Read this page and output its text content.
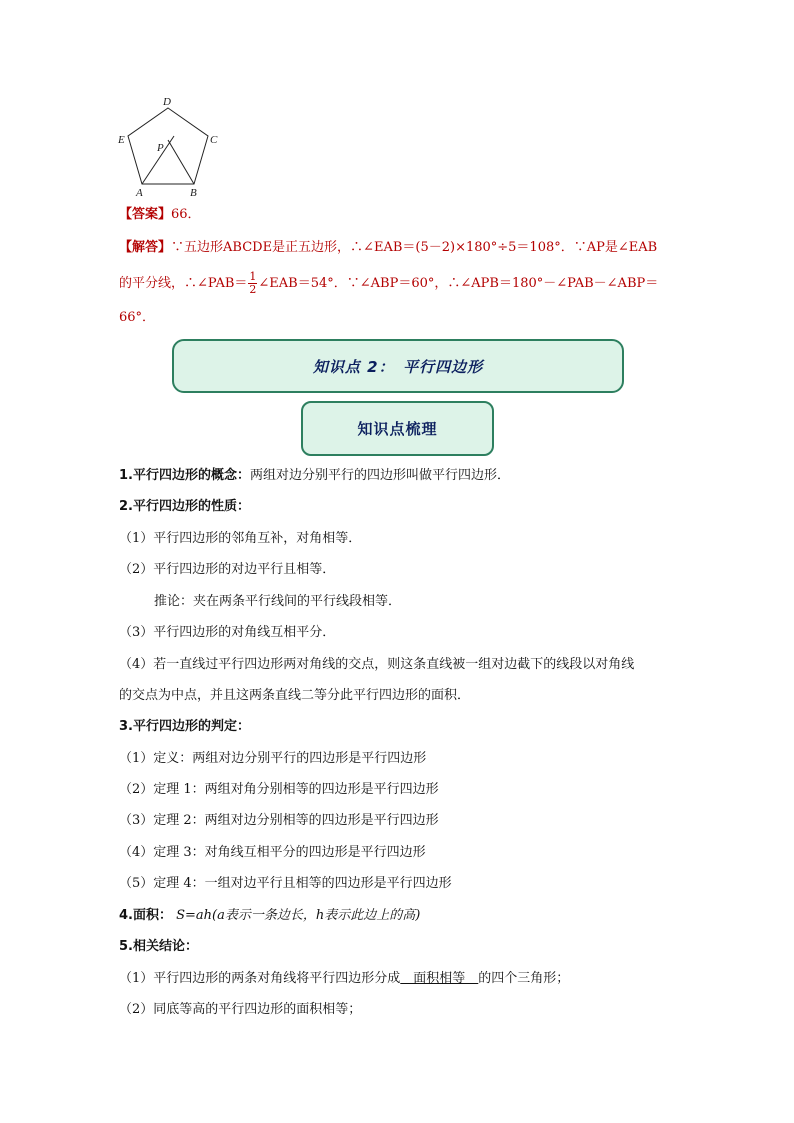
D
C
E
P
A	B
【答案】66．
【解答】∵五边形ABCDE是正五边形，∴∠EAB＝(5－2)×180°÷5＝108°．∵AP是∠EAB
的平分线，∴∠PAB＝ $\frac{1}{2}$ ∠EAB＝54°．∵∠ABP＝60°，∴∠APB＝180°－∠PAB－∠ABP＝
66°．
知识点 2：　平行四边形
知识点梳理
1.平行四边形的概念：两组对边分别平行的四边形叫做平行四边形．
2.平行四边形的性质：
（1）平行四边形的邻角互补，对角相等．
（2）平行四边形的对边平行且相等．
推论：夹在两条平行线间的平行线段相等．
（3）平行四边形的对角线互相平分．
（4）若一直线过平行四边形两对角线的交点，则这条直线被一组对边截下的线段以对角线
的交点为中点，并且这两条直线二等分此平行四边形的面积．
3.平行四边形的判定：
（1）定义：两组对边分别平行的四边形是平行四边形
（2）定理 1：两组对角分别相等的四边形是平行四边形
（3）定理 2：两组对边分别相等的四边形是平行四边形
（4）定理 3：对角线互相平分的四边形是平行四边形
（5）定理 4：一组对边平行且相等的四边形是平行四边形
4.面积： S=ah(a表示一条边长，h表示此边上的高)
5.相关结论：
（1）平行四边形的两条对角线将平行四边形分成　面积相等　的四个三角形；
（2）同底等高的平行四边形的面积相等；
